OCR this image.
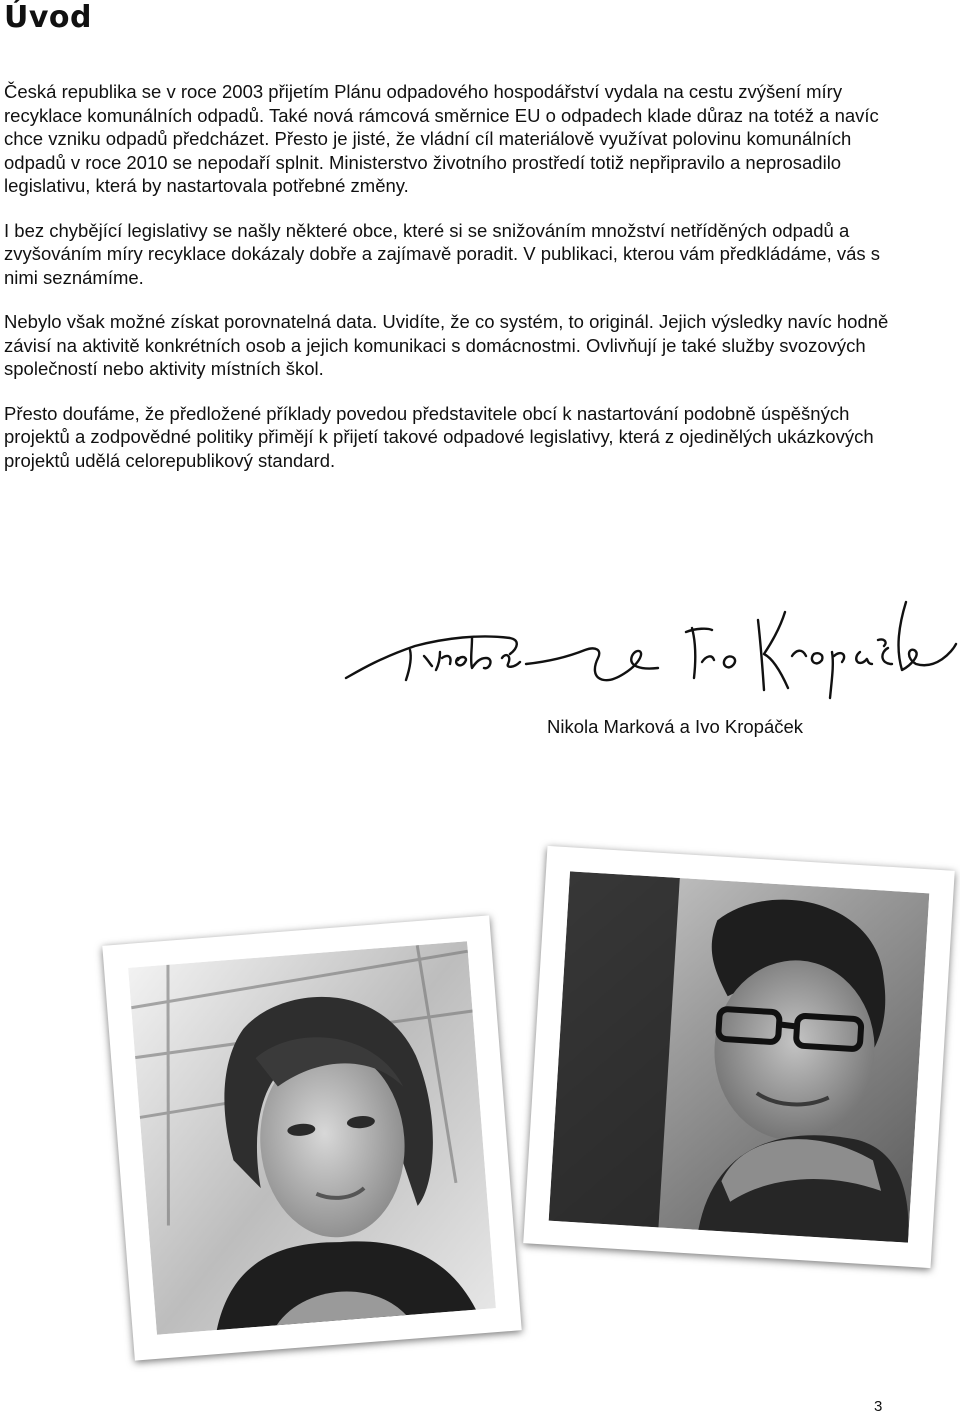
Úvod

Česká republika se v roce 2003 přijetím Plánu odpadového hospodářství vydala na cestu zvýšení míry recyklace komunálních odpadů. Také nová rámcová směrnice EU o odpadech klade důraz na totéž a navíc chce vzniku odpadů předcházet. Přesto je jisté, že vládní cíl materiálově využívat polovinu komunálních odpadů v roce 2010 se nepodaří splnit. Ministerstvo životního prostředí totiž nepřipravilo a neprosadilo legislativu, která by nastartovala potřebné změny.

I bez chybějící legislativy se našly některé obce, které si se snižováním množství netříděných odpadů a zvyšováním míry recyklace dokázaly dobře a zajímavě poradit. V publikaci, kterou vám předkládáme, vás s nimi seznámíme.

Nebylo však možné získat porovnatelná data. Uvidíte, že co systém, to originál. Jejich výsledky navíc hodně závisí na aktivitě konkrétních osob a jejich komunikaci s domácnostmi. Ovlivňují je také služby svozových společností nebo aktivity místních škol.

Přesto doufáme, že předložené příklady povedou představitele obcí k nastartování podobně úspěšných projektů a zodpovědné politiky přimějí k přijetí takové odpadové legislativy, která z ojedinělých ukázkových projektů udělá celorepublikový standard.

Nikola Marková a Ivo Kropáček
3
